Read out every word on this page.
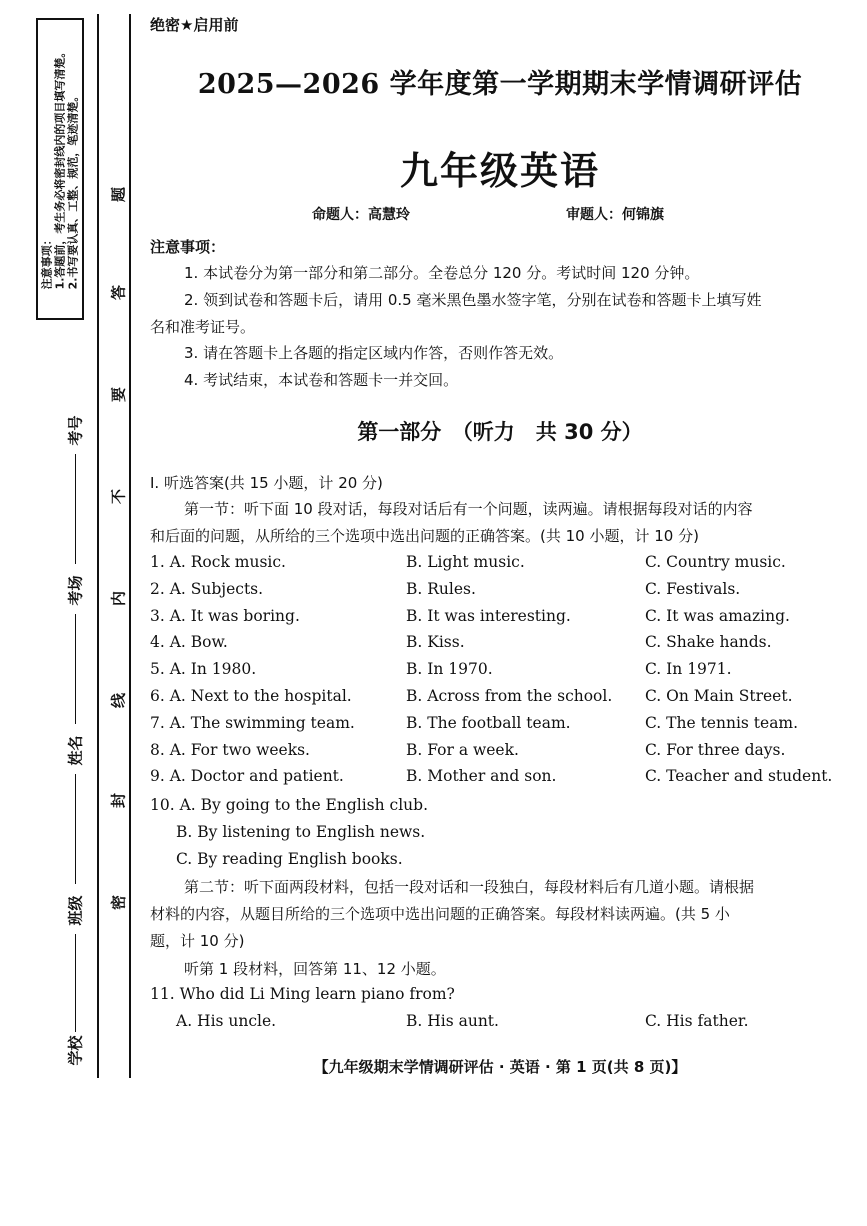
注意事项： 1.答题前，考生务必将密封线内的项目填写清楚。 2.书写要认真、工整、规范，笔迹清楚。 题
答
要
不
内
线
封
密
考号
考场
姓名
班级
学校
绝密★启用前
2025—2026 学年度第一学期期末学情调研评估
九年级英语
命题人：高慧玲	审题人：何锦旗
注意事项：
1. 本试卷分为第一部分和第二部分。全卷总分 120 分。考试时间 120 分钟。
2. 领到试卷和答题卡后，请用 0.5 毫米黑色墨水签字笔，分别在试卷和答题卡上填写姓
名和准考证号。
3. 请在答题卡上各题的指定区域内作答，否则作答无效。
4. 考试结束，本试卷和答题卡一并交回。
第一部分　（听力　共 30 分）
Ⅰ. 听选答案(共 15 小题，计 20 分)
第一节：听下面 10 段对话，每段对话后有一个问题，读两遍。请根据每段对话的内容
和后面的问题，从所给的三个选项中选出问题的正确答案。(共 10 小题，计 10 分)
1. A. Rock music.	B. Light music.	C. Country music.
2. A. Subjects.	B. Rules.	C. Festivals.
3. A. It was boring.	B. It was interesting.	C. It was amazing.
4. A. Bow.	B. Kiss.	C. Shake hands.
5. A. In 1980.	B. In 1970.	C. In 1971.
6. A. Next to the hospital.	B. Across from the school. C. On Main Street.
7. A. The swimming team.	B. The football team.	C. The tennis team.
8. A. For two weeks.	B. For a week.	C. For three days.
9. A. Doctor and patient.	B. Mother and son.	C. Teacher and student.
10. A. By going to the English club.
B. By listening to English news.
C. By reading English books.
第二节：听下面两段材料，包括一段对话和一段独白，每段材料后有几道小题。请根据
材料的内容，从题目所给的三个选项中选出问题的正确答案。每段材料读两遍。(共 5 小
题，计 10 分)
听第 1 段材料，回答第 11、12 小题。
11. Who did Li Ming learn piano from?
A. His uncle.	B. His aunt.	C. His father.
【九年级期末学情调研评估 · 英语 · 第 1 页(共 8 页)】
